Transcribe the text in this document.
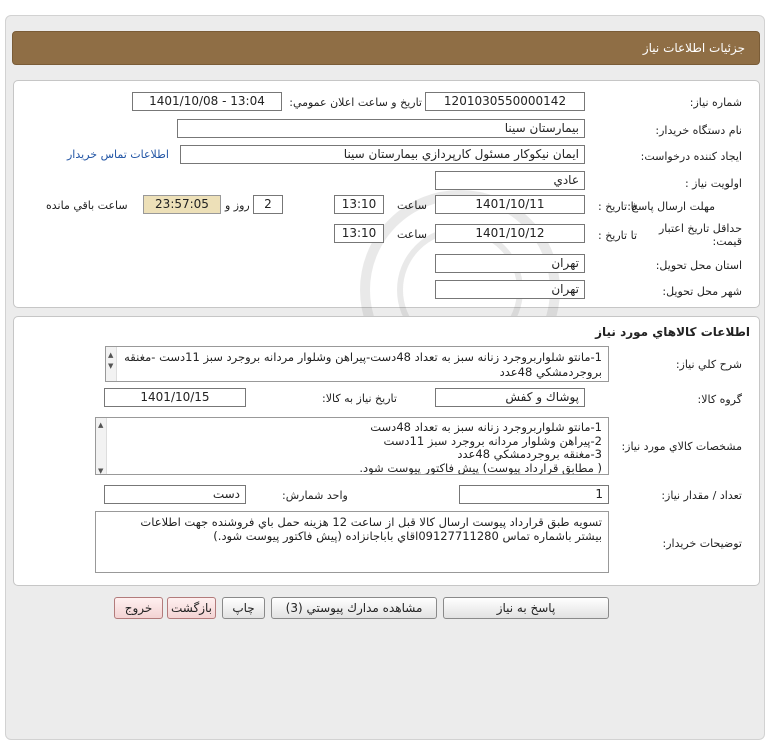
جزئيات اطلاعات نياز
شماره نياز:
1201030550000142
تاريخ و ساعت اعلان عمومي:
1401/10/08 - 13:04
نام دستگاه خريدار:
بيمارستان سينا
ايجاد كننده درخواست:
ايمان نيكوكار مسئول كارپردازي بيمارستان سينا
اطلاعات تماس خريدار
اولويت نياز :
عادي
مهلت ارسال پاسخ:
تا تاريخ :
1401/10/11
ساعت
13:10
2
روز و
23:57:05
ساعت باقي مانده
حداقل تاريخ اعتبار قيمت:
تا تاريخ :
1401/10/12
ساعت
13:10
استان محل تحويل:
تهران
شهر محل تحويل:
تهران
اطلاعات كالاهاي مورد نياز
شرح كلي نياز:
▲
▼
1-مانتو شلواربروجرد زنانه سبز به تعداد 48دست-پيراهن وشلوار مردانه بروجرد سبز 11دست -مغنقه
بروجردمشكي 48عدد
گروه كالا:
پوشاك و كفش
تاريخ نياز به كالا:
1401/10/15
مشخصات كالاي مورد نياز:
▲
▼
1-مانتو شلواربروجرد زنانه سبز به تعداد 48دست
2-پيراهن وشلوار مردانه بروجرد سبز 11دست
3-مغنقه بروجردمشكي 48عدد
( مطابق قرارداد پيوست) پيش فاكتور پيوست شود.
تعداد / مقدار نياز:
1
واحد شمارش:
دست
توضيحات خريدار:
تسويه طبق قرارداد پيوست ارسال كالا قبل از ساعت 12 هزينه حمل باي فروشنده جهت اطلاعات
بيشتر باشماره تماس 09127711280اقاي باباجانزاده (پيش فاكتور پيوست شود.)
پاسخ به نياز
مشاهده مدارك پيوستي (3)
چاپ
بازگشت
خروج
